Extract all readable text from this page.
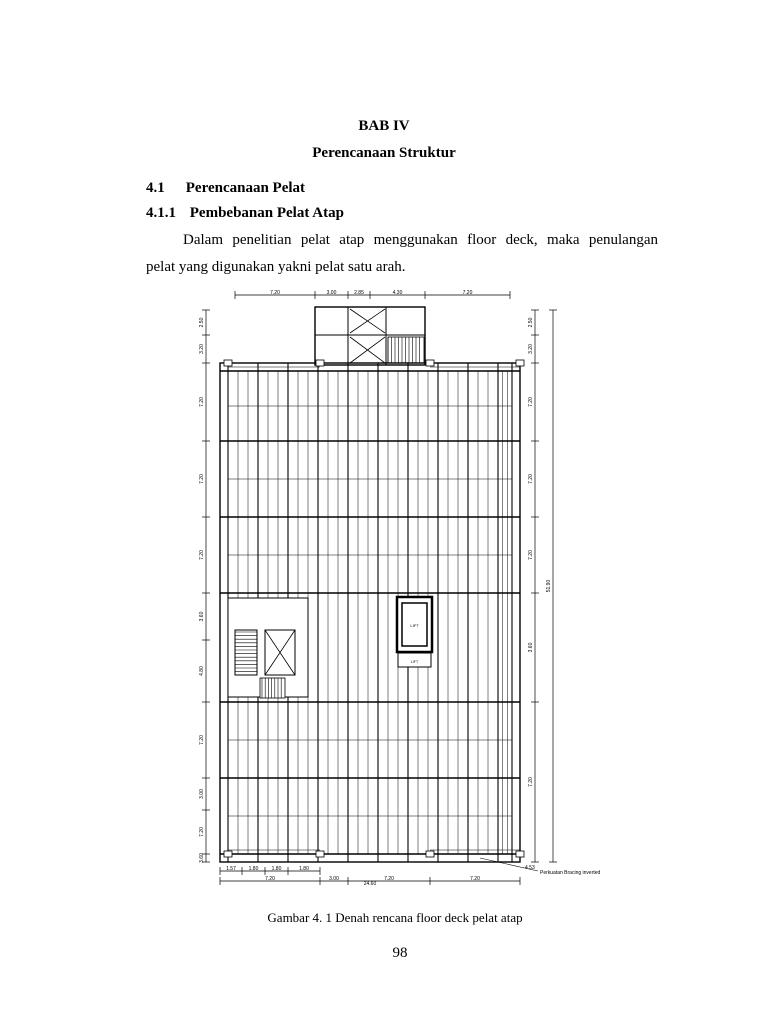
BAB IV
Perencanaan Struktur
4.1 Perencanaan Pelat
4.1.1 Pembebanan Pelat Atap
Dalam penelitian pelat atap menggunakan floor deck, maka penulangan
pelat yang digunakan yakni pelat satu arah.
LIFT
LIFT
7.20	3.00	2.85	4.30	7.20
2.50
3.20
7.20
7.20
7.20
3.60
4.80
7.20
3.00
7.20
3.60
2.50
3.20
7.20
7.20
7.20
3.60
7.20
51.90
1.57	1.80	1.80	1.80
7.20	3.00	7.20	7.20
24.60
4.53
Perkuatan Bracing inverted-V
Gambar 4. 1 Denah rencana floor deck pelat atap
98
